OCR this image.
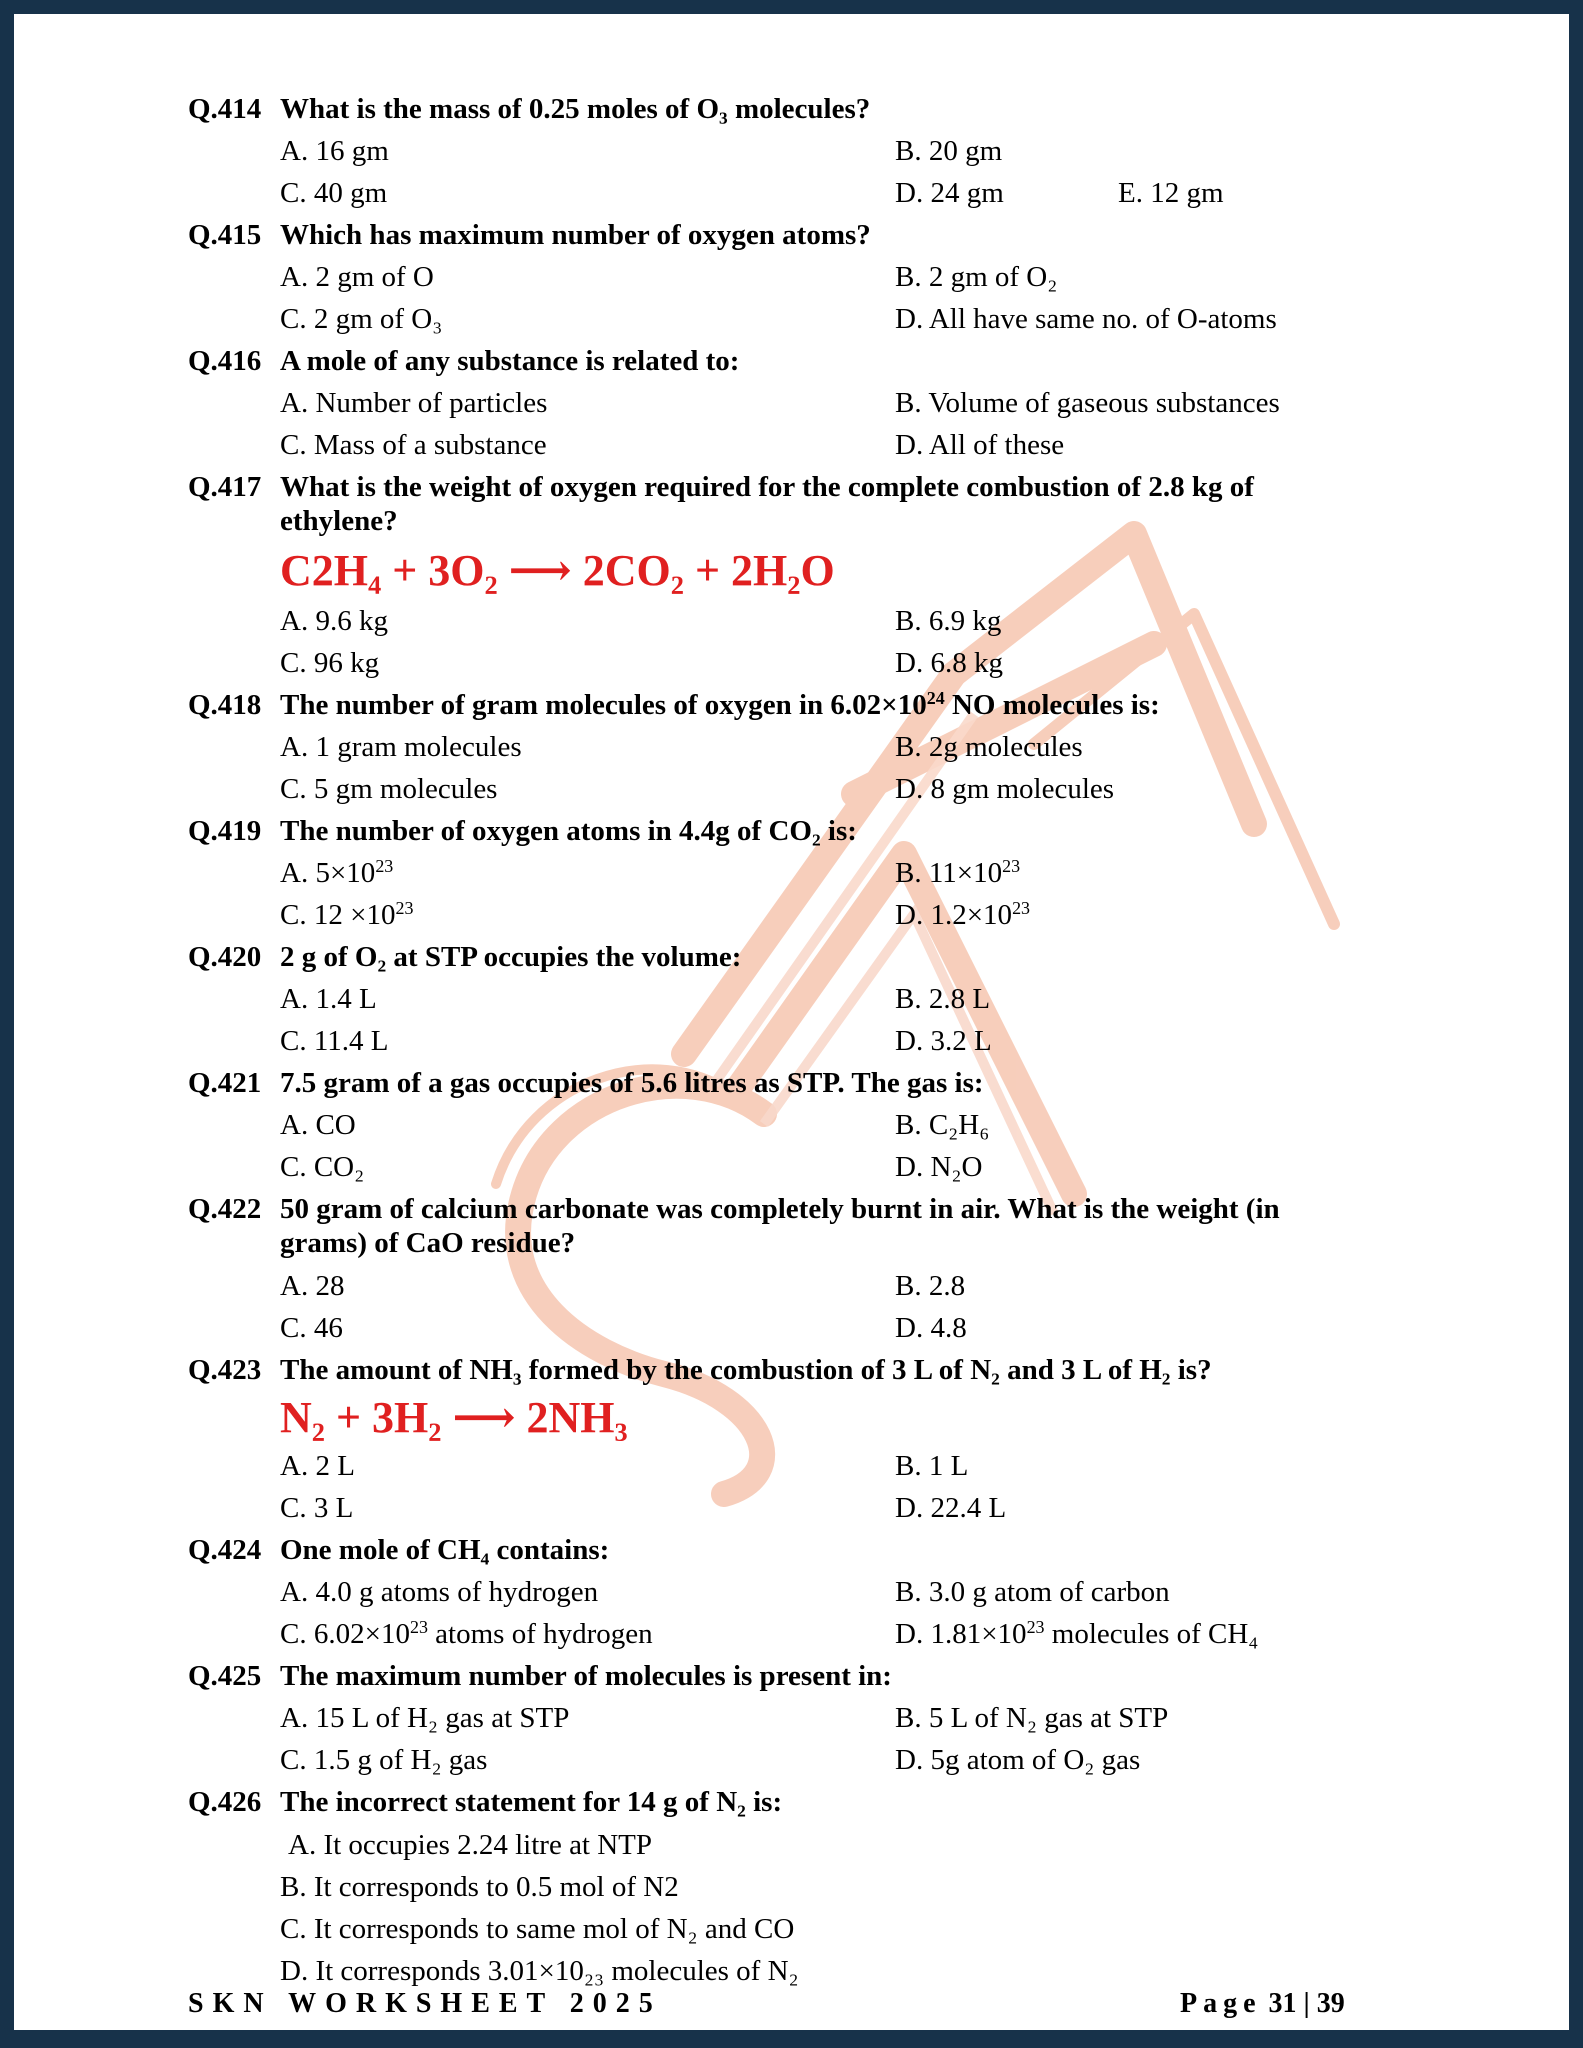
Q.414 What is the mass of 0.25 moles of O₃ molecules?
A. 16 gm	B. 20 gm
C. 40 gm	D. 24 gm	E. 12 gm
Q.415 Which has maximum number of oxygen atoms?
A. 2 gm of O	B. 2 gm of O₂
C. 2 gm of O₃	D. All have same no. of O-atoms
Q.416 A mole of any substance is related to:
A. Number of particles	B. Volume of gaseous substances
C. Mass of a substance	D. All of these
Q.417 What is the weight of oxygen required for the complete combustion of 2.8 kg of
ethylene?
C2H₄ + 3O₂ ⟶ 2CO₂ + 2H₂O
A. 9.6 kg	B. 6.9 kg
C. 96 kg	D. 6.8 kg
Q.418 The number of gram molecules of oxygen in $6.02\times 10^{24}$ NO molecules is:
A. 1 gram molecules	B. 2g molecules
C. 5 gm molecules	D. 8 gm molecules
Q.419 The number of oxygen atoms in 4.4g of CO₂ is:
A. $5\times 10^{23}$	B. $11\times 10^{23}$
C. $12 \times 10^{23}$	D. $1.2\times 10^{23}$
Q.420 2 g of O₂ at STP occupies the volume:
A. 1.4 L	B. 2.8 L
C. 11.4 L	D. 3.2 L
Q.421 7.5 gram of a gas occupies of 5.6 litres as STP. The gas is:
A. CO	B. C₂H₆
C. CO₂	D. N₂O
Q.422 50 gram of calcium carbonate was completely burnt in air. What is the weight (in
grams) of CaO residue?
A. 28	B. 2.8
C. 46	D. 4.8
Q.423 The amount of NH₃ formed by the combustion of 3 L of N₂ and 3 L of H₂ is?
N₂ + 3H₂ ⟶ 2NH₃
A. 2 L	B. 1 L
C. 3 L	D. 22.4 L
Q.424 One mole of CH₄ contains:
A. 4.0 g atoms of hydrogen	B. 3.0 g atom of carbon
C. $6.02\times 10^{23}$ atoms of hydrogen	D. $1.81\times 10^{23}$ molecules of CH₄
Q.425 The maximum number of molecules is present in:
A. 15 L of H₂ gas at STP	B. 5 L of N₂ gas at STP
C. 1.5 g of H₂ gas	D. 5g atom of O₂ gas
Q.426 The incorrect statement for 14 g of N₂ is:
A. It occupies 2.24 litre at NTP
B. It corresponds to 0.5 mol of N2
C. It corresponds to same mol of N₂ and CO
D. It corresponds 3.01×10₂₃ molecules of N₂
SKN WORKSHEET 2025	Page 31 | 39
